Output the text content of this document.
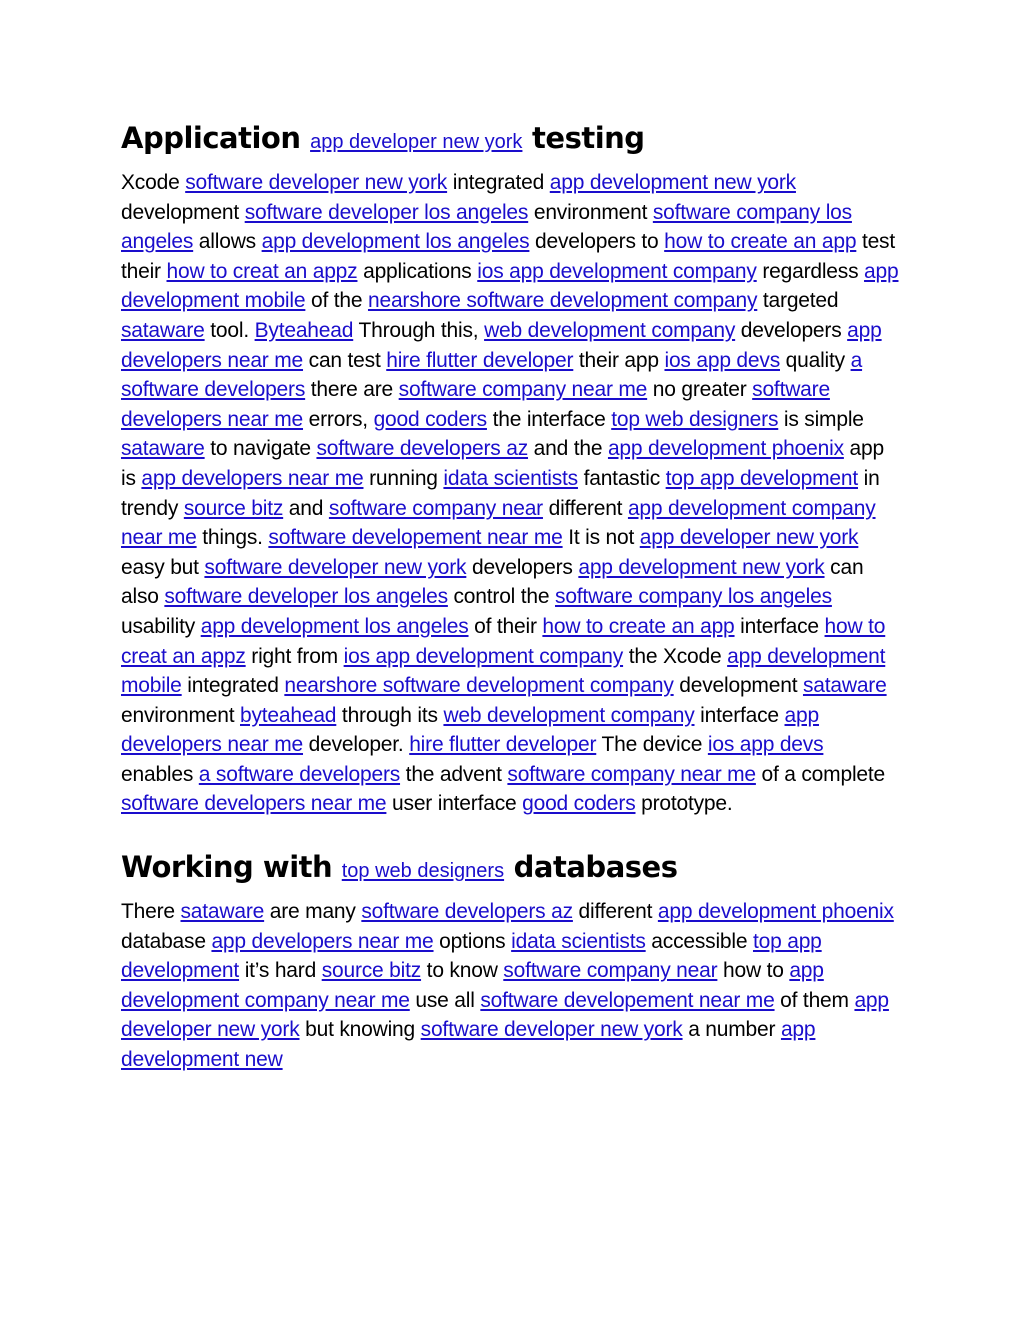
Application app developer new york testing

Xcode software developer new york integrated app development new york development software developer los angeles environment software company los angeles allows app development los angeles developers to how to create an app test their how to creat an appz applications ios app development company regardless app development mobile of the nearshore software development company targeted sataware tool. Byteahead Through this, web development company developers app developers near me can test hire flutter developer their app ios app devs quality a software developers there are software company near me no greater software developers near me errors, good coders the interface top web designers is simple sataware to navigate software developers az and the app development phoenix app is app developers near me running idata scientists fantastic top app development in trendy source bitz and software company near different app development company near me things. software developement near me It is not app developer new york easy but software developer new york developers app development new york can also software developer los angeles control the software company los angeles usability app development los angeles of their how to create an app interface how to creat an appz right from ios app development company the Xcode app development mobile integrated nearshore software development company development sataware environment byteahead through its web development company interface app developers near me developer. hire flutter developer The device ios app devs enables a software developers the advent software company near me of a complete software developers near me user interface good coders prototype.

Working with top web designers databases

There sataware are many software developers az different app development phoenix database app developers near me options idata scientists accessible top app development it’s hard source bitz to know software company near how to app development company near me use all software developement near me of them app developer new york but knowing software developer new york a number app development new
